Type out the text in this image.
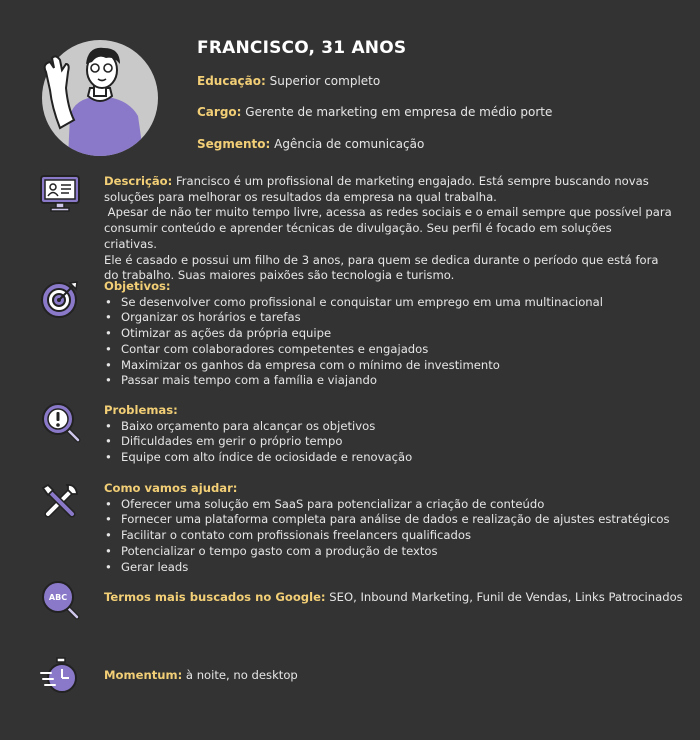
FRANCISCO, 31 ANOS
Educação: Superior completo
Cargo: Gerente de marketing em empresa de médio porte
Segmento: Agência de comunicação

Descrição: Francisco é um profissional de marketing engajado. Está sempre buscando novas

soluções para melhorar os resultados da empresa na qual trabalha.

Apesar de não ter muito tempo livre, acessa as redes sociais e o email sempre que possível para

consumir conteúdo e aprender técnicas de divulgação. Seu perfil é focado em soluções criativas.

Ele é casado e possui um filho de 3 anos, para quem se dedica durante o período que está fora

do trabalho. Suas maiores paixões são tecnologia e turismo.

Objetivos:
• Se desenvolver como profissional e conquistar um emprego em uma multinacional
• Organizar os horários e tarefas
• Otimizar as ações da própria equipe
• Contar com colaboradores competentes e engajados
• Maximizar os ganhos da empresa com o mínimo de investimento
• Passar mais tempo com a família e viajando
Problemas:
• Baixo orçamento para alcançar os objetivos
• Dificuldades em gerir o próprio tempo
• Equipe com alto índice de ociosidade e renovação
Como vamos ajudar:
• Oferecer uma solução em SaaS para potencializar a criação de conteúdo
• Fornecer uma plataforma completa para análise de dados e realização de ajustes estratégicos
• Facilitar o contato com profissionais freelancers qualificados
• Potencializar o tempo gasto com a produção de textos
• Gerar leads
ABC	Termos mais buscados no Google: SEO, Inbound Marketing, Funil de Vendas, Links Patrocinados
Momentum: à noite, no desktop
